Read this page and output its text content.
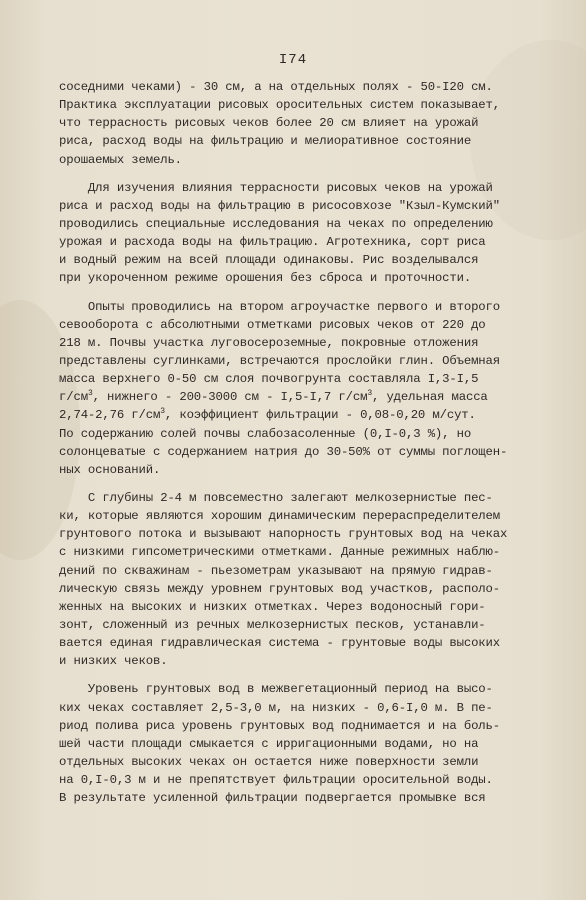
I74
соседними чеками) - 30 см, а на отдельных полях - 50-I20 см.
Практика эксплуатации рисовых оросительных систем показывает,
что террасность рисовых чеков более 20 см влияет на урожай
риса, расход воды на фильтрацию и мелиоративное состояние
орошаемых земель.
Для изучения влияния террасности рисовых чеков на урожай
риса и расход воды на фильтрацию в рисосовхозе "Кзыл-Кумский"
проводились специальные исследования на чеках по определению
урожая и расхода воды на фильтрацию. Агротехника, сорт риса
и водный режим на всей площади одинаковы. Рис возделывался
при укороченном режиме орошения без сброса и проточности.
Опыты проводились на втором агроучастке первого и второго
севооборота с абсолютными отметками рисовых чеков от 220 до
218 м. Почвы участка луговосероземные, покровные отложения
представлены суглинками, встречаются прослойки глин. Объемная
масса верхнего 0-50 см слоя почвогрунта составляла I,3-I,5
$г/см^3$, нижнего - 200-3000 см - I,5-I,7 $г/см^3$, удельная масса
2,74-2,76 $г/см^3$, коэффициент фильтрации - 0,08-0,20 м/сут.
По содержанию солей почвы слабозасоленные (0,I-0,3 %), но
солонцеватые с содержанием натрия до 30-50% от суммы поглощен-
ных оснований.
С глубины 2-4 м повсеместно залегают мелкозернистые пес-
ки, которые являются хорошим динамическим перераспределителем
грунтового потока и вызывают напорность грунтовых вод на чеках
с низкими гипсометрическими отметками. Данные режимных наблю-
дений по скважинам - пьезометрам указывают на прямую гидрав-
лическую связь между уровнем грунтовых вод участков, располо-
женных на высоких и низких отметках. Через водоносный гори-
зонт, сложенный из речных мелкозернистых песков, устанавли-
вается единая гидравлическая система - грунтовые воды высоких
и низких чеков.
Уровень грунтовых вод в межвегетационный период на высо-
ких чеках составляет 2,5-3,0 м, на низких - 0,6-I,0 м. В пе-
риод полива риса уровень грунтовых вод поднимается и на боль-
шей части площади смыкается с ирригационными водами, но на
отдельных высоких чеках он остается ниже поверхности земли
на 0,I-0,3 м и не препятствует фильтрации оросительной воды.
В результате усиленной фильтрации подвергается промывке вся
